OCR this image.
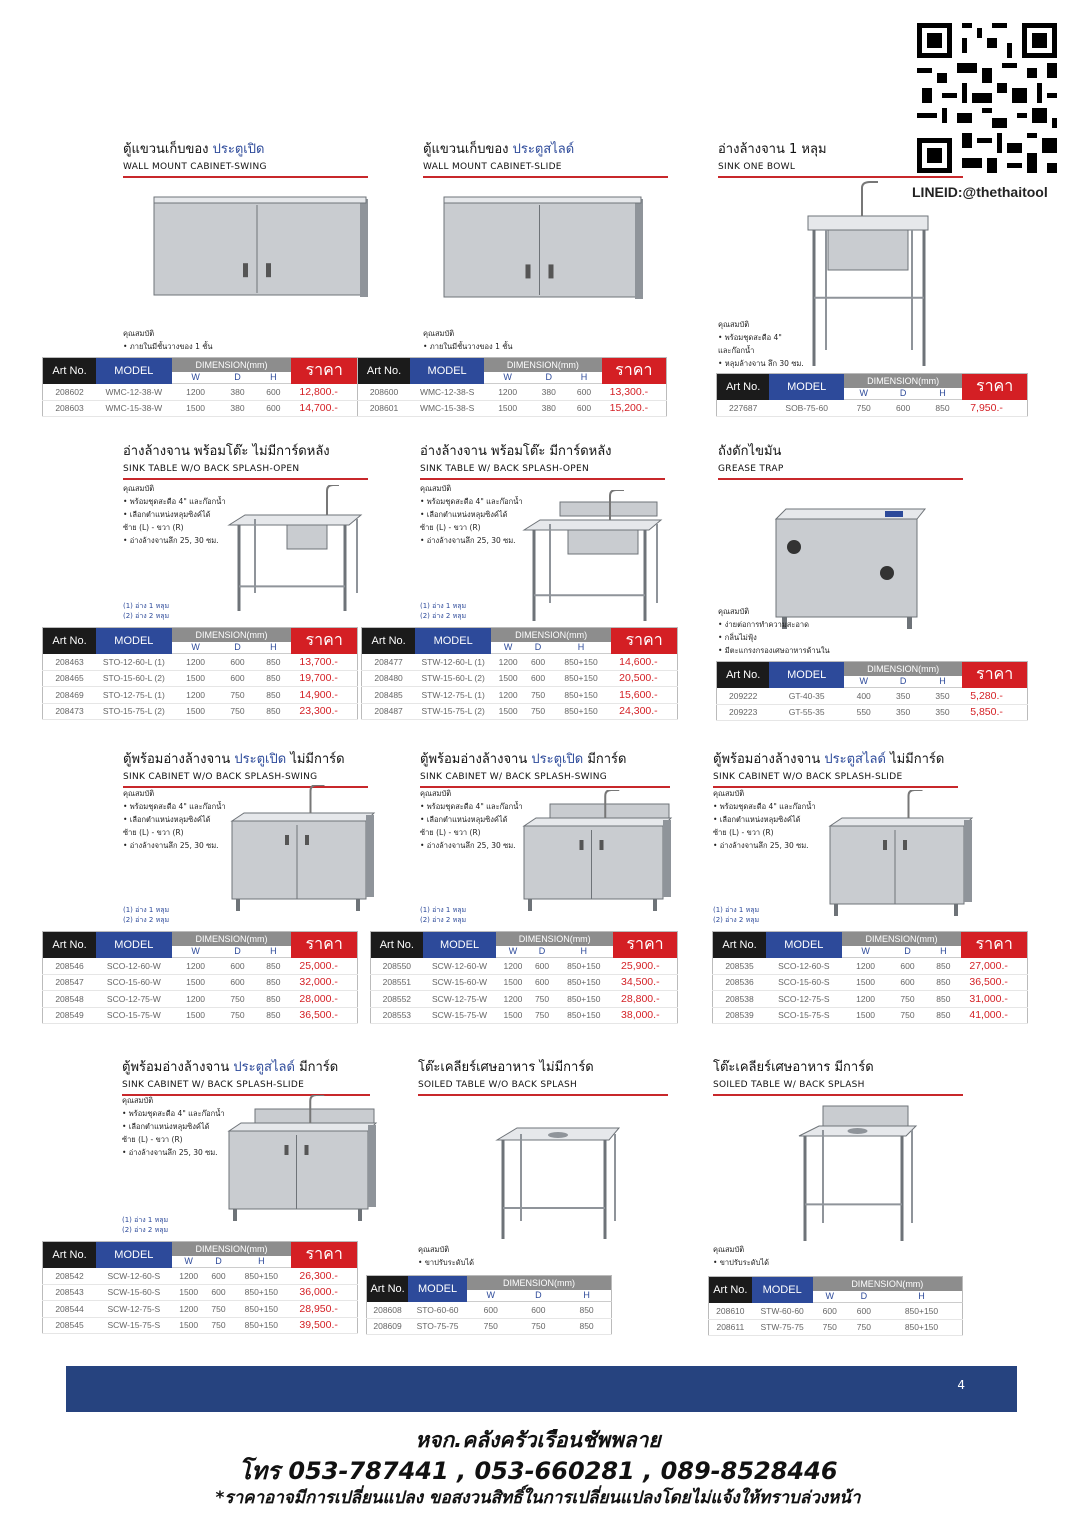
LINEID:@thethaitool
ตู้แขวนเก็บของ ประตูเปิด
WALL MOUNT CABINET-SWING
คุณสมบัติ
• ภายในมีชั้นวางของ 1 ชั้น
Art No.	MODEL	DIMENSION(mm)			ราคา
		W	D	H	
208602	WMC-12-38-W	1200	380	600	12,800.-
208603	WMC-15-38-W	1500	380	600	14,700.-
ตู้แขวนเก็บของ ประตูสไลด์
WALL MOUNT CABINET-SLIDE
คุณสมบัติ
• ภายในมีชั้นวางของ 1 ชั้น
Art No.	MODEL	DIMENSION(mm)			ราคา
		W	D	H	
208600	WMC-12-38-S	1200	380	600	13,300.-
208601	WMC-15-38-S	1500	380	600	15,200.-
อ่างล้างจาน 1 หลุม
SINK ONE BOWL
คุณสมบัติ
• พร้อมชุดสะดือ 4"
และก๊อกน้ำ
• หลุมล้างจาน ลึก 30 ซม.
Art No.	MODEL	DIMENSION(mm)			ราคา
		W	D	H	
227687	SOB-75-60	750	600	850	7,950.-
อ่างล้างจาน พร้อมโต๊ะ ไม่มีการ์ดหลัง
SINK TABLE W/O BACK SPLASH-OPEN
คุณสมบัติ
• พร้อมชุดสะดือ 4" และก๊อกน้ำ
• เลือกตำแหน่งหลุมซิงค์ได้
ซ้าย (L) - ขวา (R)
• อ่างล้างจานลึก 25, 30 ซม.
(1) อ่าง 1 หลุม
(2) อ่าง 2 หลุม
Art No.	MODEL	DIMENSION(mm)			ราคา
		W	D	H	
208463	STO-12-60-L (1)	1200	600	850	13,700.-
208465	STO-15-60-L (2)	1500	600	850	19,700.-
208469	STO-12-75-L (1)	1200	750	850	14,900.-
208473	STO-15-75-L (2)	1500	750	850	23,300.-
อ่างล้างจาน พร้อมโต๊ะ มีการ์ดหลัง
SINK TABLE W/ BACK SPLASH-OPEN
คุณสมบัติ
• พร้อมชุดสะดือ 4" และก๊อกน้ำ
• เลือกตำแหน่งหลุมซิงค์ได้
ซ้าย (L) - ขวา (R)
• อ่างล้างจานลึก 25, 30 ซม.
(1) อ่าง 1 หลุม
(2) อ่าง 2 หลุม
Art No.	MODEL	DIMENSION(mm)			ราคา
		W	D	H	
208477	STW-12-60-L (1)	1200	600	850+150	14,600.-
208480	STW-15-60-L (2)	1500	600	850+150	20,500.-
208485	STW-12-75-L (1)	1200	750	850+150	15,600.-
208487	STW-15-75-L (2)	1500	750	850+150	24,300.-
ถังดักไขมัน
GREASE TRAP
คุณสมบัติ
• ง่ายต่อการทำความสะอาด
• กลิ่นไม่ฟุ้ง
• มีตะแกรงกรองเศษอาหารด้านใน
Art No.	MODEL	DIMENSION(mm)			ราคา
		W	D	H	
209222	GT-40-35	400	350	350	5,280.-
209223	GT-55-35	550	350	350	5,850.-
ตู้พร้อมอ่างล้างจาน ประตูเปิด ไม่มีการ์ด
SINK CABINET W/O BACK SPLASH-SWING
คุณสมบัติ
• พร้อมชุดสะดือ 4" และก๊อกน้ำ
• เลือกตำแหน่งหลุมซิงค์ได้
ซ้าย (L) - ขวา (R)
• อ่างล้างจานลึก 25, 30 ซม.
(1) อ่าง 1 หลุม
(2) อ่าง 2 หลุม
Art No.	MODEL	DIMENSION(mm)			ราคา
		W	D	H	
208546	SCO-12-60-W	1200	600	850	25,000.-
208547	SCO-15-60-W	1500	600	850	32,000.-
208548	SCO-12-75-W	1200	750	850	28,000.-
208549	SCO-15-75-W	1500	750	850	36,500.-
ตู้พร้อมอ่างล้างจาน ประตูเปิด มีการ์ด
SINK CABINET W/ BACK SPLASH-SWING
คุณสมบัติ
• พร้อมชุดสะดือ 4" และก๊อกน้ำ
• เลือกตำแหน่งหลุมซิงค์ได้
ซ้าย (L) - ขวา (R)
• อ่างล้างจานลึก 25, 30 ซม.
(1) อ่าง 1 หลุม
(2) อ่าง 2 หลุม
Art No.	MODEL	DIMENSION(mm)			ราคา
		W	D	H	
208550	SCW-12-60-W	1200	600	850+150	25,900.-
208551	SCW-15-60-W	1500	600	850+150	34,500.-
208552	SCW-12-75-W	1200	750	850+150	28,800.-
208553	SCW-15-75-W	1500	750	850+150	38,000.-
ตู้พร้อมอ่างล้างจาน ประตูสไลด์ ไม่มีการ์ด
SINK CABINET W/O BACK SPLASH-SLIDE
คุณสมบัติ
• พร้อมชุดสะดือ 4" และก๊อกน้ำ
• เลือกตำแหน่งหลุมซิงค์ได้
ซ้าย (L) - ขวา (R)
• อ่างล้างจานลึก 25, 30 ซม.
(1) อ่าง 1 หลุม
(2) อ่าง 2 หลุม
Art No.	MODEL	DIMENSION(mm)			ราคา
		W	D	H	
208535	SCO-12-60-S	1200	600	850	27,000.-
208536	SCO-15-60-S	1500	600	850	36,500.-
208538	SCO-12-75-S	1200	750	850	31,000.-
208539	SCO-15-75-S	1500	750	850	41,000.-
ตู้พร้อมอ่างล้างจาน ประตูสไลด์ มีการ์ด
SINK CABINET W/ BACK SPLASH-SLIDE
คุณสมบัติ
• พร้อมชุดสะดือ 4" และก๊อกน้ำ
• เลือกตำแหน่งหลุมซิงค์ได้
ซ้าย (L) - ขวา (R)
• อ่างล้างจานลึก 25, 30 ซม.
(1) อ่าง 1 หลุม
(2) อ่าง 2 หลุม
Art No.	MODEL	DIMENSION(mm)			ราคา
		W	D	H	
208542	SCW-12-60-S	1200	600	850+150	26,300.-
208543	SCW-15-60-S	1500	600	850+150	36,000.-
208544	SCW-12-75-S	1200	750	850+150	28,950.-
208545	SCW-15-75-S	1500	750	850+150	39,500.-
โต๊ะเคลียร์เศษอาหาร ไม่มีการ์ด
SOILED TABLE W/O BACK SPLASH
คุณสมบัติ
• ขาปรับระดับได้
Art No.	MODEL	DIMENSION(mm)		
		W	D	H
208608	STO-60-60	600	600	850
208609	STO-75-75	750	750	850
โต๊ะเคลียร์เศษอาหาร มีการ์ด
SOILED TABLE W/ BACK SPLASH
คุณสมบัติ
• ขาปรับระดับได้
Art No.	MODEL	DIMENSION(mm)		
		W	D	H
208610	STW-60-60	600	600	850+150
208611	STW-75-75	750	750	850+150
4
หจก.คลังครัวเรือนชัพพลาย
โทร 053-787441 , 053-660281 , 089-8528446
*ราคาอาจมีการเปลี่ยนแปลง ขอสงวนสิทธิ์ในการเปลี่ยนแปลงโดยไม่แจ้งให้ทราบล่วงหน้า
